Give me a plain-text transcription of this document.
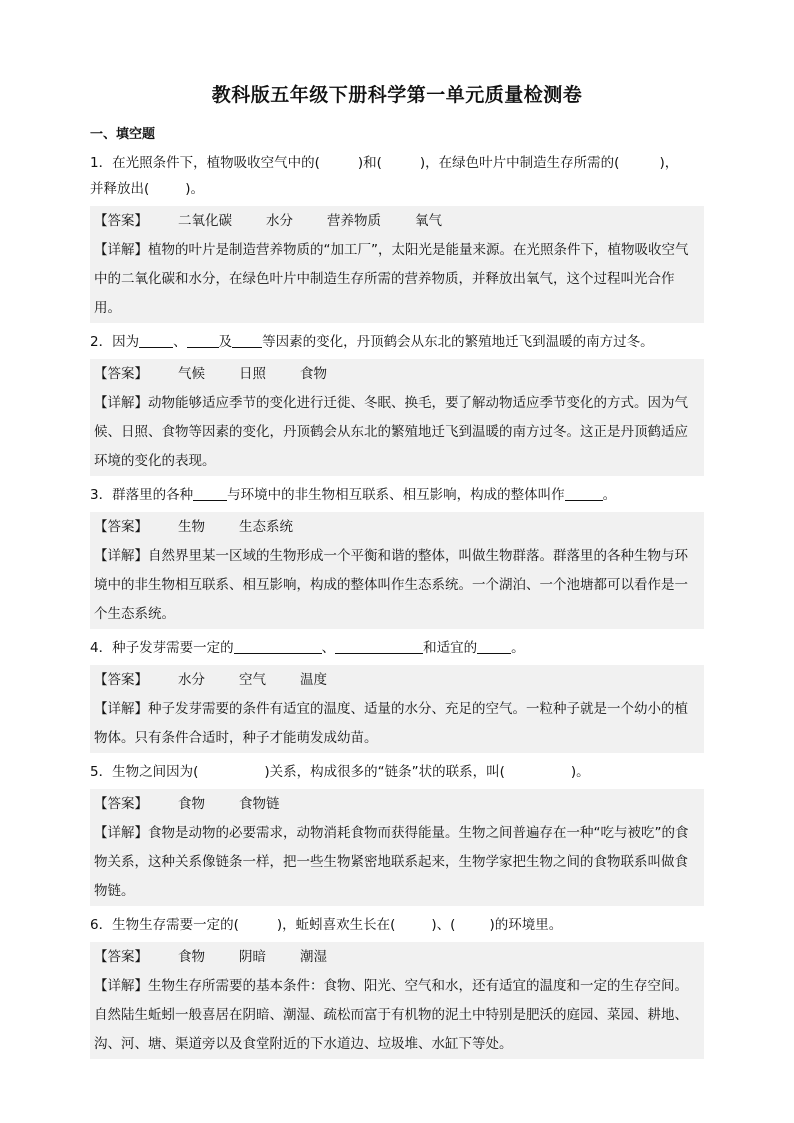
教科版五年级下册科学第一单元质量检测卷
一、填空题
1．在光照条件下，植物吸收空气中的(	)和(	)，在绿色叶片中制造生存所需的(	)，
并释放出(	)。
【答案】 二氧化碳	水分	营养物质	氧气
【详解】植物的叶片是制造营养物质的“加工厂”，太阳光是能量来源。在光照条件下，植物吸收空气中的二氧化碳和水分，在绿色叶片中制造生存所需的营养物质，并释放出氧气，这个过程叫光合作用。
2．因为	、 及 等因素的变化，丹顶鹤会从东北的繁殖地迁飞到温暖的南方过冬。
【答案】 气候	日照	食物
【详解】动物能够适应季节的变化进行迁徙、冬眠、换毛，要了解动物适应季节变化的方式。因为气候、日照、食物等因素的变化，丹顶鹤会从东北的繁殖地迁飞到温暖的南方过冬。这正是丹顶鹤适应环境的变化的表现。
3．群落里的各种	与环境中的非生物相互联系、相互影响，构成的整体叫作	。
【答案】 生物	生态系统
【详解】自然界里某一区域的生物形成一个平衡和谐的整体，叫做生物群落。群落里的各种生物与环境中的非生物相互联系、相互影响，构成的整体叫作生态系统。一个湖泊、一个池塘都可以看作是一个生态系统。
4．种子发芽需要一定的	、	和适宜的	。
【答案】 水分	空气	温度
【详解】种子发芽需要的条件有适宜的温度、适量的水分、充足的空气。一粒种子就是一个幼小的植物体。只有条件合适时，种子才能萌发成幼苗。
5．生物之间因为(	)关系，构成很多的“链条”状的联系，叫(	)。
【答案】 食物	食物链
【详解】食物是动物的必要需求，动物消耗食物而获得能量。生物之间普遍存在一种“吃与被吃”的食物关系，这种关系像链条一样，把一些生物紧密地联系起来，生物学家把生物之间的食物联系叫做食物链。
6．生物生存需要一定的(	)，蚯蚓喜欢生长在(	)、(	)的环境里。
【答案】 食物	阴暗	潮湿
【详解】生物生存所需要的基本条件：食物、阳光、空气和水，还有适宜的温度和一定的生存空间。自然陆生蚯蚓一般喜居在阴暗、潮湿、疏松而富于有机物的泥土中特别是肥沃的庭园、菜园、耕地、沟、河、塘、渠道旁以及食堂附近的下水道边、垃圾堆、水缸下等处。
